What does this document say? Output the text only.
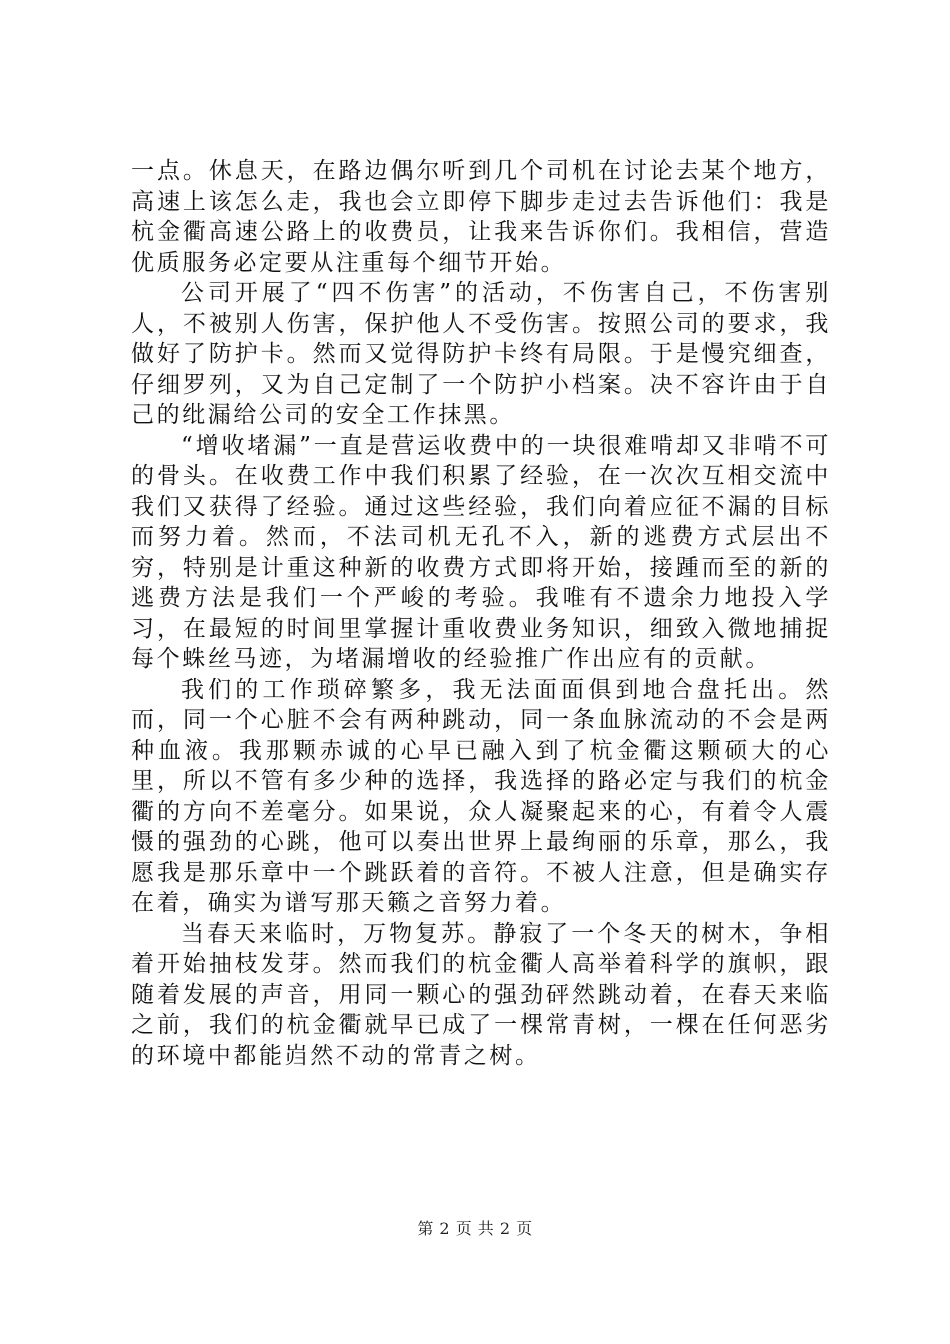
一点。休息天，在路边偶尔听到几个司机在讨论去某个地方，高速上该怎么走，我也会立即停下脚步走过去告诉他们：我是杭金衢高速公路上的收费员，让我来告诉你们。我相信，营造优质服务必定要从注重每个细节开始。

公司开展了“四不伤害”的活动，不伤害自己，不伤害别人，不被别人伤害，保护他人不受伤害。按照公司的要求，我做好了防护卡。然而又觉得防护卡终有局限。于是慢究细查，仔细罗列，又为自己定制了一个防护小档案。决不容许由于自己的纰漏给公司的安全工作抹黑。

“增收堵漏”一直是营运收费中的一块很难啃却又非啃不可的骨头。在收费工作中我们积累了经验，在一次次互相交流中我们又获得了经验。通过这些经验，我们向着应征不漏的目标而努力着。然而，不法司机无孔不入，新的逃费方式层出不穷，特别是计重这种新的收费方式即将开始，接踵而至的新的逃费方法是我们一个严峻的考验。我唯有不遗余力地投入学习，在最短的时间里掌握计重收费业务知识，细致入微地捕捉每个蛛丝马迹，为堵漏增收的经验推广作出应有的贡献。

我们的工作琐碎繁多，我无法面面俱到地合盘托出。然而，同一个心脏不会有两种跳动，同一条血脉流动的不会是两种血液。我那颗赤诚的心早已融入到了杭金衢这颗硕大的心里，所以不管有多少种的选择，我选择的路必定与我们的杭金衢的方向不差毫分。如果说，众人凝聚起来的心，有着令人震慑的强劲的心跳，他可以奏出世界上最绚丽的乐章，那么，我愿我是那乐章中一个跳跃着的音符。不被人注意，但是确实存在着，确实为谱写那天籁之音努力着。

当春天来临时，万物复苏。静寂了一个冬天的树木，争相着开始抽枝发芽。然而我们的杭金衢人高举着科学的旗帜，跟随着发展的声音，用同一颗心的强劲砰然跳动着，在春天来临之前，我们的杭金衢就早已成了一棵常青树，一棵在任何恶劣的环境中都能岿然不动的常青之树。

第 2 页 共 2 页
